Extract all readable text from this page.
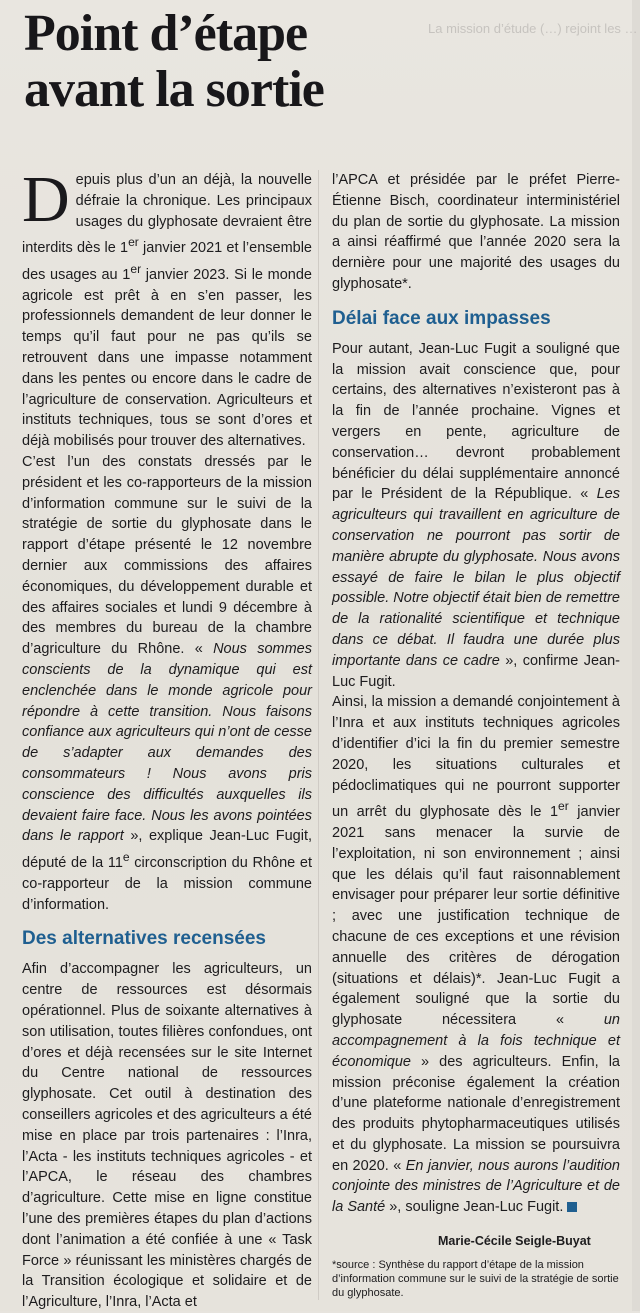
Point d’étape
avant la sortie
La mission d’étude (…) rejoint les …

Depuis plus d’un an déjà, la nouvelle défraie la chronique. Les principaux usages du glyphosate devraient être interdits dès le 1er janvier 2021 et l’ensemble des usages au 1er janvier 2023. Si le monde agricole est prêt à en s’en passer, les professionnels demandent de leur donner le temps qu’il faut pour ne pas qu’ils se retrouvent dans une impasse notamment dans les pentes ou encore dans le cadre de l’agriculture de conservation. Agriculteurs et instituts techniques, tous se sont d’ores et déjà mobilisés pour trouver des alternatives.

C’est l’un des constats dressés par le président et les co-rapporteurs de la mission d’information commune sur le suivi de la stratégie de sortie du glyphosate dans le rapport d’étape présenté le 12 novembre dernier aux commissions des affaires économiques, du développement durable et des affaires sociales et lundi 9 décembre à des membres du bureau de la chambre d’agriculture du Rhône. « Nous sommes conscients de la dynamique qui est enclenchée dans le monde agricole pour répondre à cette transition. Nous faisons confiance aux agriculteurs qui n’ont de cesse de s’adapter aux demandes des consommateurs ! Nous avons pris conscience des difficultés auxquelles ils devaient faire face. Nous les avons pointées dans le rapport », explique Jean-Luc Fugit, député de la 11e circonscription du Rhône et co-rapporteur de la mission commune d’information.

Des alternatives recensées

Afin d’accompagner les agriculteurs, un centre de ressources est désormais opérationnel. Plus de soixante alternatives à son utilisation, toutes filières confondues, ont d’ores et déjà recensées sur le site Internet du Centre national de ressources glyphosate. Cet outil à destination des conseillers agricoles et des agriculteurs a été mise en place par trois partenaires : l’Inra, l’Acta - les instituts techniques agricoles - et l’APCA, le réseau des chambres d’agriculture. Cette mise en ligne constitue l’une des premières étapes du plan d’actions dont l’animation a été confiée à une « Task Force » réunissant les ministères chargés de la Transition écologique et solidaire et de l’Agriculture, l’Inra, l’Acta et

l’APCA et présidée par le préfet Pierre-Étienne Bisch, coordinateur interministériel du plan de sortie du glyphosate. La mission a ainsi réaffirmé que l’année 2020 sera la dernière pour une majorité des usages du glyphosate*.

Délai face aux impasses

Pour autant, Jean-Luc Fugit a souligné que la mission avait conscience que, pour certains, des alternatives n’existeront pas à la fin de l’année prochaine. Vignes et vergers en pente, agriculture de conservation… devront probablement bénéficier du délai supplémentaire annoncé par le Président de la République. « Les agriculteurs qui travaillent en agriculture de conservation ne pourront pas sortir de manière abrupte du glyphosate. Nous avons essayé de faire le bilan le plus objectif possible. Notre objectif était bien de remettre de la rationalité scientifique et technique dans ce débat. Il faudra une durée plus importante dans ce cadre », confirme Jean-Luc Fugit.

Ainsi, la mission a demandé conjointement à l’Inra et aux instituts techniques agricoles d’identifier d’ici la fin du premier semestre 2020, les situations culturales et pédoclimatiques qui ne pourront supporter un arrêt du glyphosate dès le 1er janvier 2021 sans menacer la survie de l’exploitation, ni son environnement ; ainsi que les délais qu’il faut raisonnablement envisager pour préparer leur sortie définitive ; avec une justification technique de chacune de ces exceptions et une révision annuelle des critères de dérogation (situations et délais)*. Jean-Luc Fugit a également souligné que la sortie du glyphosate nécessitera « un accompagnement à la fois technique et économique » des agriculteurs. Enfin, la mission préconise également la création d’une plateforme nationale d’enregistrement des produits phytopharmaceutiques utilisés et du glyphosate. La mission se poursuivra en 2020. « En janvier, nous aurons l’audition conjointe des ministres de l’Agriculture et de la Santé », souligne Jean-Luc Fugit.

Marie-Cécile Seigle-Buyat
*source : Synthèse du rapport d’étape de la mission d’information commune sur le suivi de la stratégie de sortie du glyphosate.
